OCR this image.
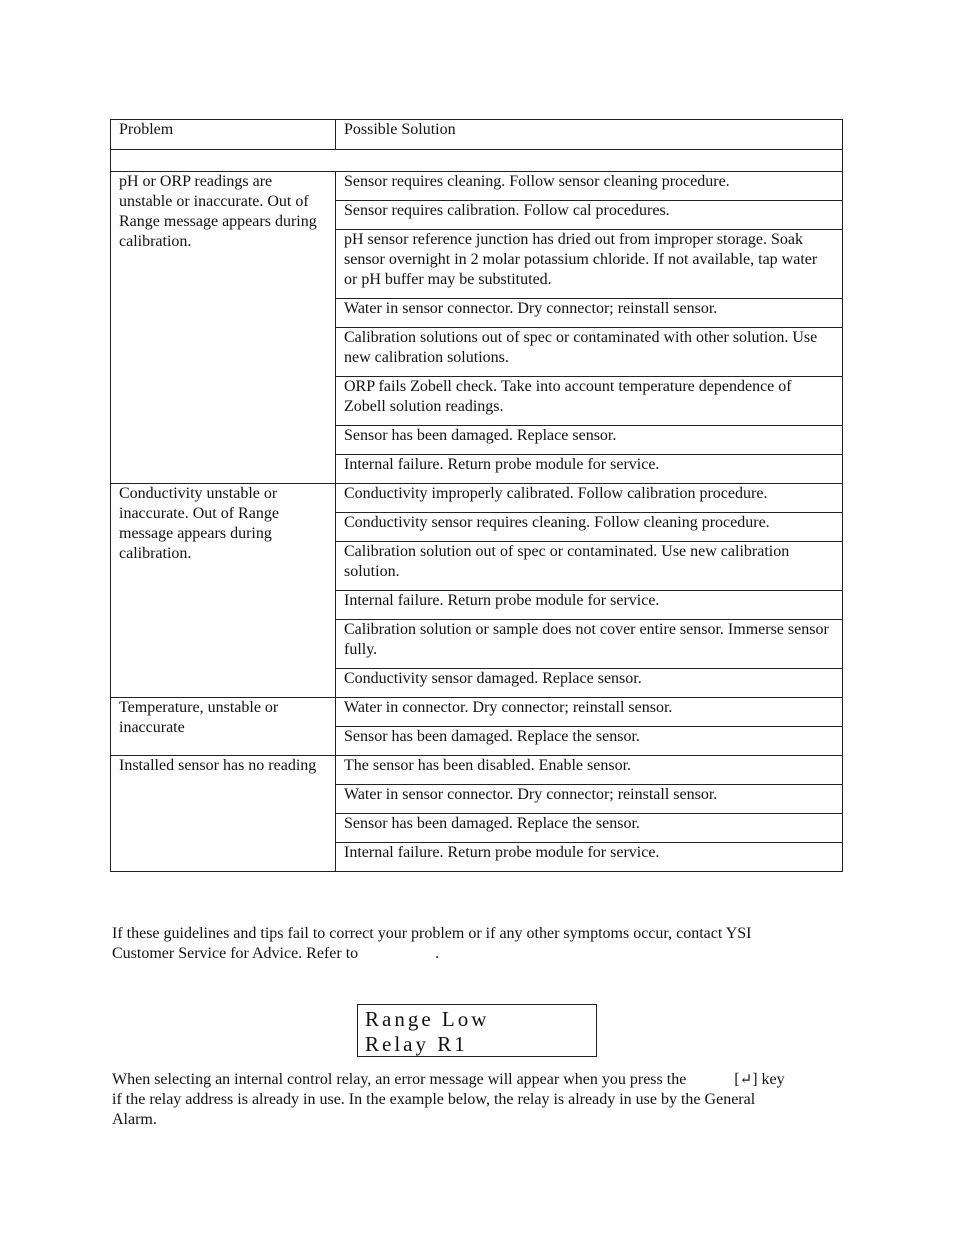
Problem	Possible Solution

pH or ORP readings are unstable or inaccurate. Out of Range message appears during calibration.	Sensor requires cleaning. Follow sensor cleaning procedure.
	Sensor requires calibration. Follow cal procedures.
	pH sensor reference junction has dried out from improper storage. Soak sensor overnight in 2 molar potassium chloride. If not available, tap water or pH buffer may be substituted.
	Water in sensor connector. Dry connector; reinstall sensor.
	Calibration solutions out of spec or contaminated with other solution. Use new calibration solutions.
	ORP fails Zobell check. Take into account temperature dependence of Zobell solution readings.
	Sensor has been damaged. Replace sensor.
	Internal failure. Return probe module for service.
Conductivity unstable or inaccurate. Out of Range message appears during calibration.	Conductivity improperly calibrated. Follow calibration procedure.
	Conductivity sensor requires cleaning. Follow cleaning procedure.
	Calibration solution out of spec or contaminated. Use new calibration solution.
	Internal failure. Return probe module for service.
	Calibration solution or sample does not cover entire sensor. Immerse sensor fully.
	Conductivity sensor damaged. Replace sensor.
Temperature, unstable or inaccurate	Water in connector. Dry connector; reinstall sensor.
	Sensor has been damaged. Replace the sensor.
Installed sensor has no reading	The sensor has been disabled. Enable sensor.
	Water in sensor connector. Dry connector; reinstall sensor.
	Sensor has been damaged. Replace the sensor.
	Internal failure. Return probe module for service.
If these guidelines and tips fail to correct your problem or if any other symptoms occur, contact YSI
Customer Service for Advice. Refer to	.
Range Low
Relay R1
When selecting an internal control relay, an error message will appear when you press the	[↵] key
if the relay address is already in use. In the example below, the relay is already in use by the General
Alarm.
